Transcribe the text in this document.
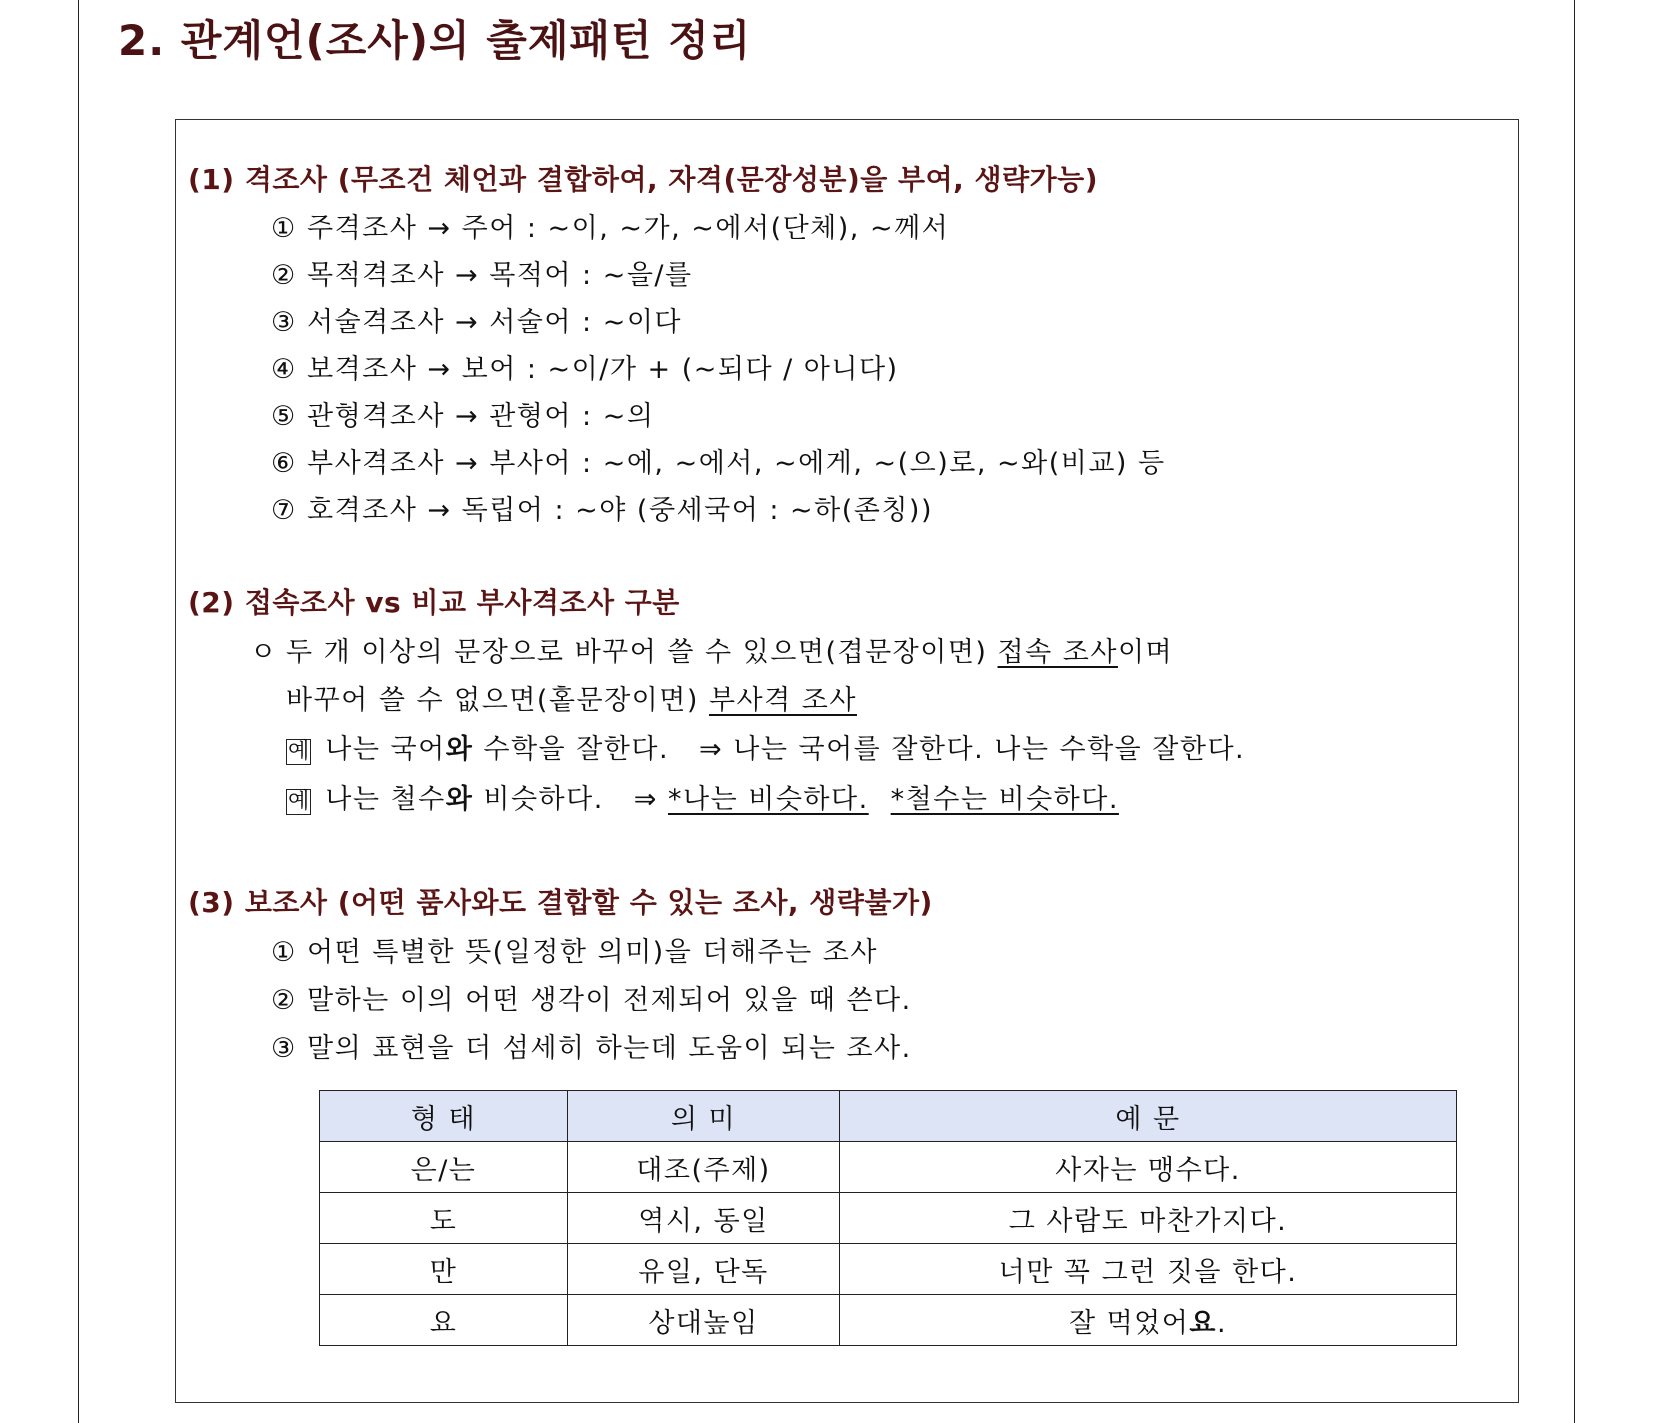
2. 관계언(조사)의 출제패턴 정리
(1) 격조사 (무조건 체언과 결합하여, 자격(문장성분)을 부여, 생략가능)
① 주격조사 → 주어 : ~이, ~가, ~에서(단체), ~께서
② 목적격조사 → 목적어 : ~을/를
③ 서술격조사 → 서술어 : ~이다
④ 보격조사 → 보어 : ~이/가 + (~되다 / 아니다)
⑤ 관형격조사 → 관형어 : ~의
⑥ 부사격조사 → 부사어 : ~에, ~에서, ~에게, ~(으)로, ~와(비교) 등
⑦ 호격조사 → 독립어 : ~야 (중세국어 : ~하(존칭))
(2) 접속조사 vs 비교 부사격조사 구분
ㅇ 두 개 이상의 문장으로 바꾸어 쓸 수 있으면(겹문장이면) 접속 조사이며
바꾸어 쓸 수 없으면(홑문장이면) 부사격 조사
예 나는 국어와 수학을 잘한다. ⇒ 나는 국어를 잘한다. 나는 수학을 잘한다.
예 나는 철수와 비슷하다. ⇒ *나는 비슷하다. *철수는 비슷하다.
(3) 보조사 (어떤 품사와도 결합할 수 있는 조사, 생략불가)
① 어떤 특별한 뜻(일정한 의미)을 더해주는 조사
② 말하는 이의 어떤 생각이 전제되어 있을 때 쓴다.
③ 말의 표현을 더 섬세히 하는데 도움이 되는 조사.
형 태	의 미	예 문
은/는	대조(주제)	사자는 맹수다.
도	역시, 동일	그 사람도 마찬가지다.
만	유일, 단독	너만 꼭 그런 짓을 한다.
요	상대높임	잘 먹었어요.
